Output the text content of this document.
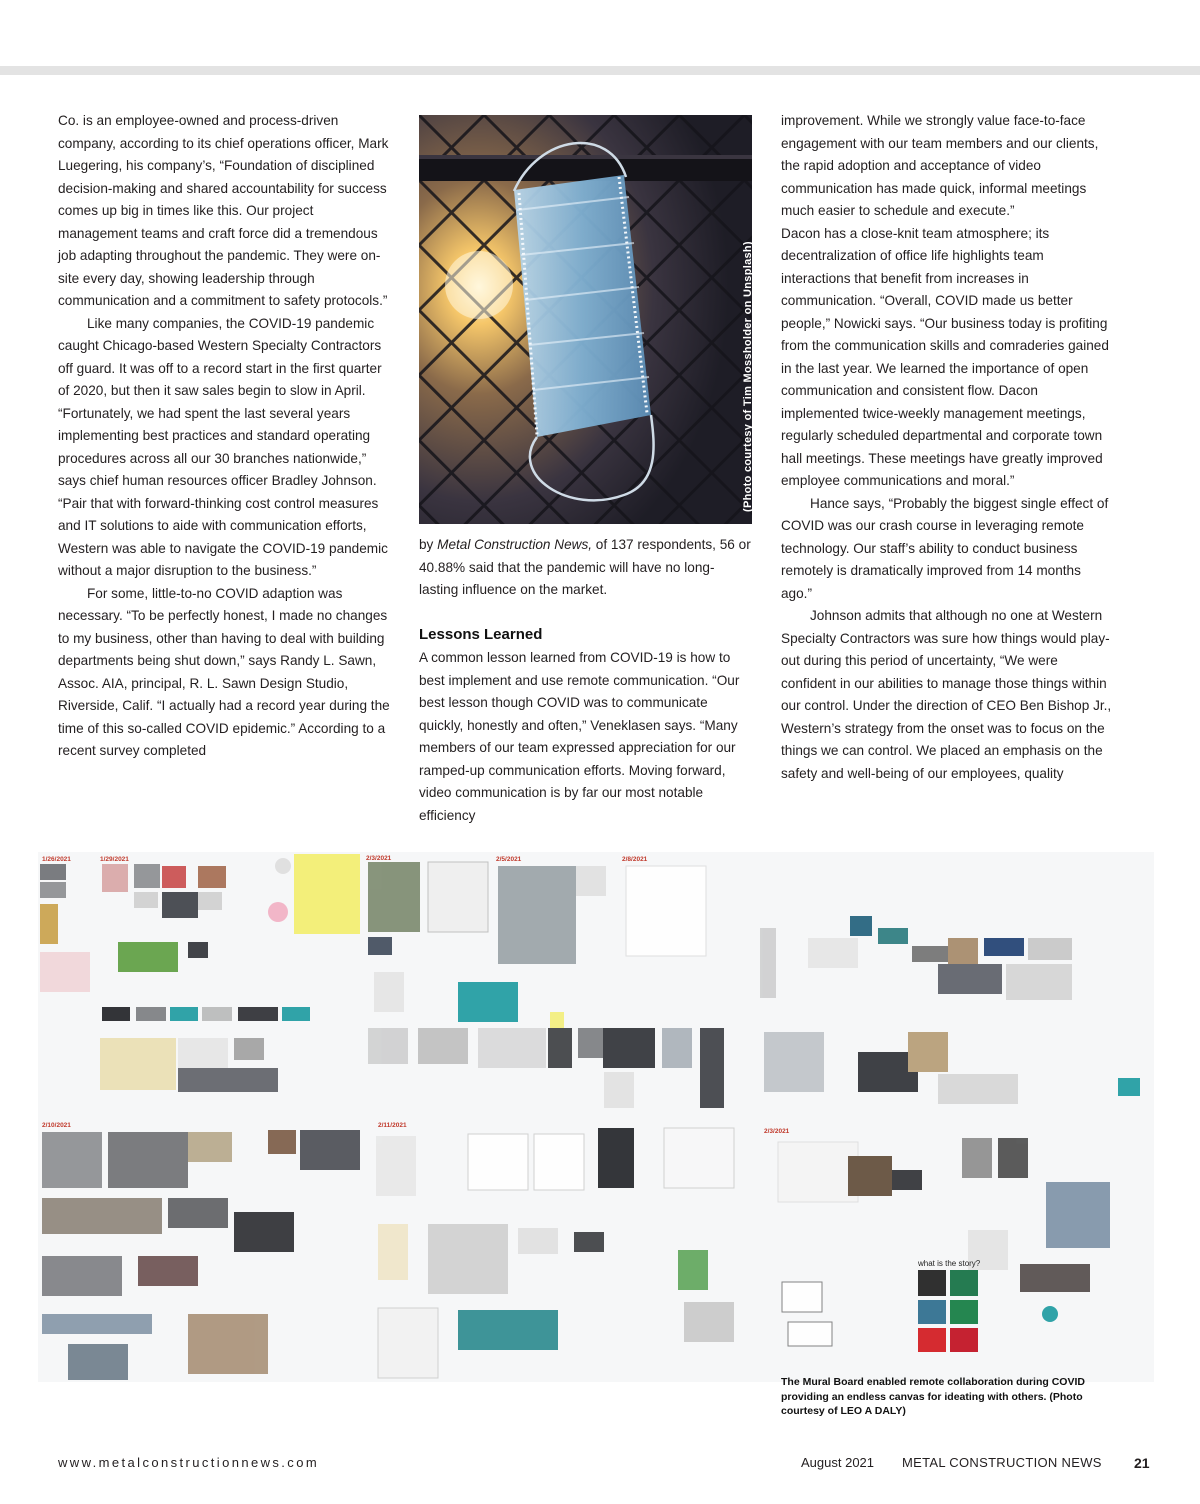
Co. is an employee-owned and process-driven company, according to its chief operations officer, Mark Luegering, his company’s, “Foundation of disciplined decision-making and shared accountability for success comes up big in times like this. Our project management teams and craft force did a tremendous job adapting throughout the pandemic. They were on-site every day, showing leadership through communication and a commitment to safety protocols.”

Like many companies, the COVID-19 pandemic caught Chicago-based Western Specialty Contractors off guard. It was off to a record start in the first quarter of 2020, but then it saw sales begin to slow in April. “Fortunately, we had spent the last several years implementing best practices and standard operating procedures across all our 30 branches nationwide,” says chief human resources officer Bradley Johnson. “Pair that with forward-thinking cost control measures and IT solutions to aide with communication efforts, Western was able to navigate the COVID-19 pandemic without a major disruption to the business.”

For some, little-to-no COVID adaption was necessary. “To be perfectly honest, I made no changes to my business, other than having to deal with building departments being shut down,” says Randy L. Sawn, Assoc. AIA, principal, R. L. Sawn Design Studio, Riverside, Calif. “I actually had a record year during the time of this so-called COVID epidemic.” According to a recent survey completed

(Photo courtesy of Tim Mossholder on Unsplash)

by Metal Construction News, of 137 respondents, 56 or 40.88% said that the pandemic will have no long-lasting influence on the market.

Lessons Learned

A common lesson learned from COVID-19 is how to best implement and use remote communication. “Our best lesson though COVID was to communicate quickly, honestly and often,” Veneklasen says. “Many members of our team expressed appreciation for our ramped-up communication efforts. Moving forward, video communication is by far our most notable efficiency

improvement. While we strongly value face-to-face engagement with our team members and our clients, the rapid adoption and acceptance of video communication has made quick, informal meetings much easier to schedule and execute.”

Dacon has a close-knit team atmosphere; its decentralization of office life highlights team interactions that benefit from increases in communication. “Overall, COVID made us better people,” Nowicki says. “Our business today is profiting from the communication skills and comraderies gained in the last year. We learned the importance of open communication and consistent flow. Dacon implemented twice-weekly management meetings, regularly scheduled departmental and corporate town hall meetings. These meetings have greatly improved employee communications and moral.”

Hance says, “Probably the biggest single effect of COVID was our crash course in leveraging remote technology. Our staff’s ability to conduct business remotely is dramatically improved from 14 months ago.”

Johnson admits that although no one at Western Specialty Contractors was sure how things would play-out during this period of uncertainty, “We were confident in our abilities to manage those things within our control. Under the direction of CEO Ben Bishop Jr., Western’s strategy from the onset was to focus on the things we can control. We placed an emphasis on the safety and well-being of our employees, quality

1/26/2021	1/29/2021	2/3/2021	2/5/2021	2/8/2021
2/10/2021	2/11/2021
2/3/2021
what is the story?
The Mural Board enabled remote collaboration during COVID providing an endless canvas for ideating with others. (Photo courtesy of LEO A DALY)
www.metalconstructionnews.com	August 2021 METAL CONSTRUCTION NEWS 21
